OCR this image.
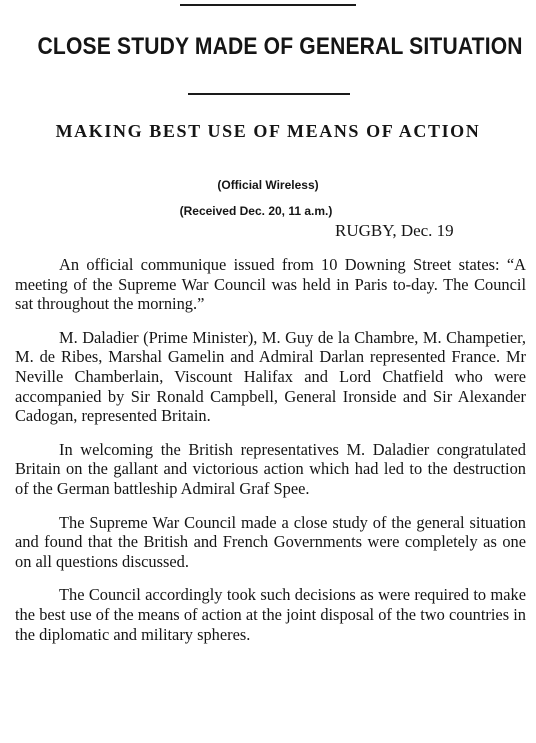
CLOSE STUDY MADE OF GENERAL SITUATION
MAKING BEST USE OF MEANS OF ACTION

(Official Wireless)

(Received Dec. 20, 11 a.m.)

RUGBY, Dec. 19

An official communique issued from 10 Downing Street states: “A meeting of the Supreme War Council was held in Paris to-day. The Council sat throughout the morning.”

M. Daladier (Prime Minister), M. Guy de la Chambre, M. Champetier, M. de Ribes, Marshal Gamelin and Admiral Darlan represented France. Mr Neville Chamberlain, Viscount Halifax and Lord Chatfield who were accompanied by Sir Ronald Campbell, General Ironside and Sir Alexander Cadogan, represented Britain.

In welcoming the British representatives M. Daladier congratulated Britain on the gallant and victorious action which had led to the destruction of the German battleship Admiral Graf Spee.

The Supreme War Council made a close study of the general situation and found that the British and French Governments were completely as one on all questions discussed.

The Council accordingly took such decisions as were required to make the best use of the means of action at the joint disposal of the two countries in the diplomatic and military spheres.
